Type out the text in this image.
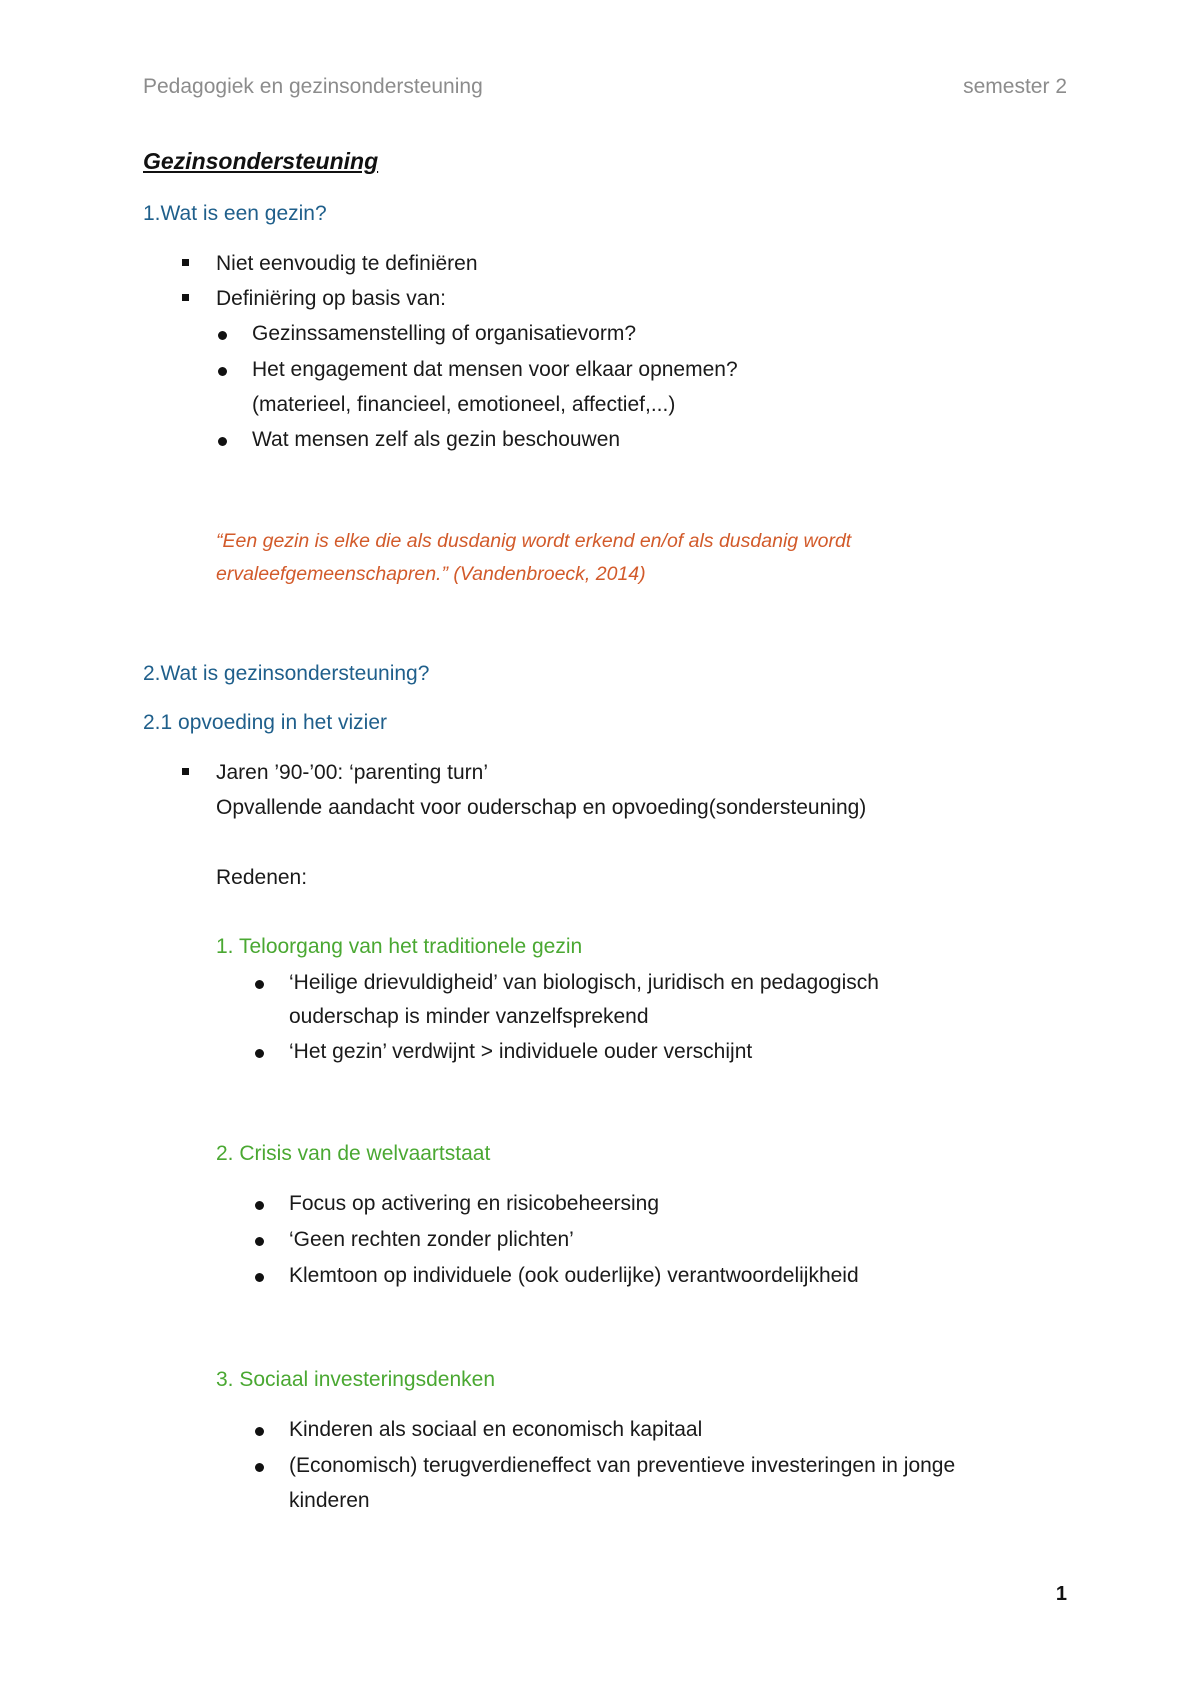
Pedagogiek en gezinsondersteuning	semester 2
Gezinsondersteuning
1.Wat is een gezin?
Niet eenvoudig te definiëren
Definiëring op basis van:
Gezinssamenstelling of organisatievorm?
Het engagement dat mensen voor elkaar opnemen?
(materieel, financieel, emotioneel, affectief,...)
Wat mensen zelf als gezin beschouwen
“Een gezin is elke die als dusdanig wordt erkend en/of als dusdanig wordt
ervaleefgemeenschapren.” (Vandenbroeck, 2014)
2.Wat is gezinsondersteuning?
2.1 opvoeding in het vizier
Jaren ’90-’00: ‘parenting turn’
Opvallende aandacht voor ouderschap en opvoeding(sondersteuning)
Redenen:
1. Teloorgang van het traditionele gezin
‘Heilige drievuldigheid’ van biologisch, juridisch en pedagogisch
ouderschap is minder vanzelfsprekend
‘Het gezin’ verdwijnt > individuele ouder verschijnt
2. Crisis van de welvaartstaat
Focus op activering en risicobeheersing
‘Geen rechten zonder plichten’
Klemtoon op individuele (ook ouderlijke) verantwoordelijkheid
3. Sociaal investeringsdenken
Kinderen als sociaal en economisch kapitaal
(Economisch) terugverdieneffect van preventieve investeringen in jonge
kinderen
1
